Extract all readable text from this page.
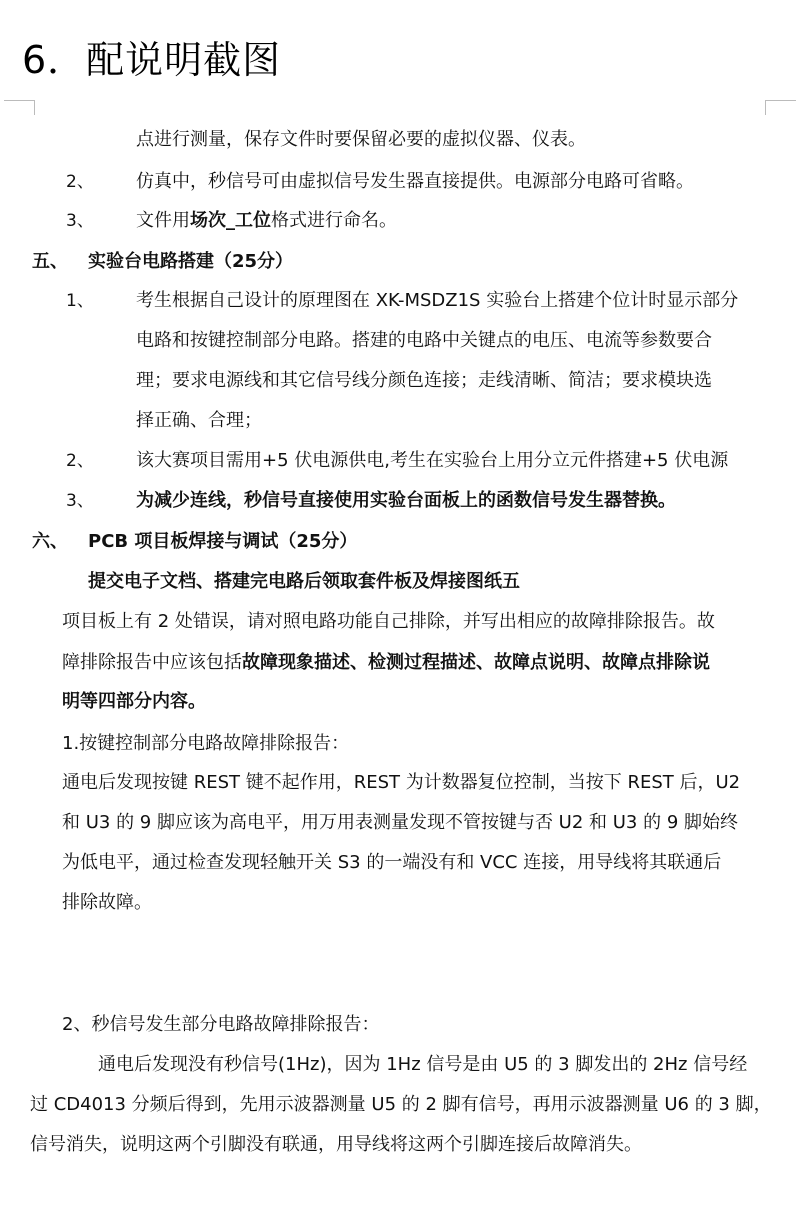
6．配说明截图
点进行测量，保存文件时要保留必要的虚拟仪器、仪表。
2、 仿真中，秒信号可由虚拟信号发生器直接提供。电源部分电路可省略。
3、 文件用场次_工位格式进行命名。
五、 实验台电路搭建（25分）
1、 考生根据自己设计的原理图在 XK-MSDZ1S 实验台上搭建个位计时显示部分
电路和按键控制部分电路。搭建的电路中关键点的电压、电流等参数要合
理；要求电源线和其它信号线分颜色连接；走线清晰、简洁；要求模块选
择正确、合理；
2、 该大赛项目需用+5 伏电源供电,考生在实验台上用分立元件搭建+5 伏电源
3、 为减少连线，秒信号直接使用实验台面板上的函数信号发生器替换。
六、 PCB 项目板焊接与调试（25分）
提交电子文档、搭建完电路后领取套件板及焊接图纸五
项目板上有 2 处错误，请对照电路功能自己排除，并写出相应的故障排除报告。故
障排除报告中应该包括故障现象描述、检测过程描述、故障点说明、故障点排除说
明等四部分内容。
1.按键控制部分电路故障排除报告：
通电后发现按键 REST 键不起作用，REST 为计数器复位控制，当按下 REST 后，U2
和 U3 的 9 脚应该为高电平，用万用表测量发现不管按键与否 U2 和 U3 的 9 脚始终
为低电平，通过检查发现轻触开关 S3 的一端没有和 VCC 连接，用导线将其联通后
排除故障。
2、秒信号发生部分电路故障排除报告：
通电后发现没有秒信号(1Hz)，因为 1Hz 信号是由 U5 的 3 脚发出的 2Hz 信号经
过 CD4013 分频后得到，先用示波器测量 U5 的 2 脚有信号，再用示波器测量 U6 的 3 脚，
信号消失，说明这两个引脚没有联通，用导线将这两个引脚连接后故障消失。
